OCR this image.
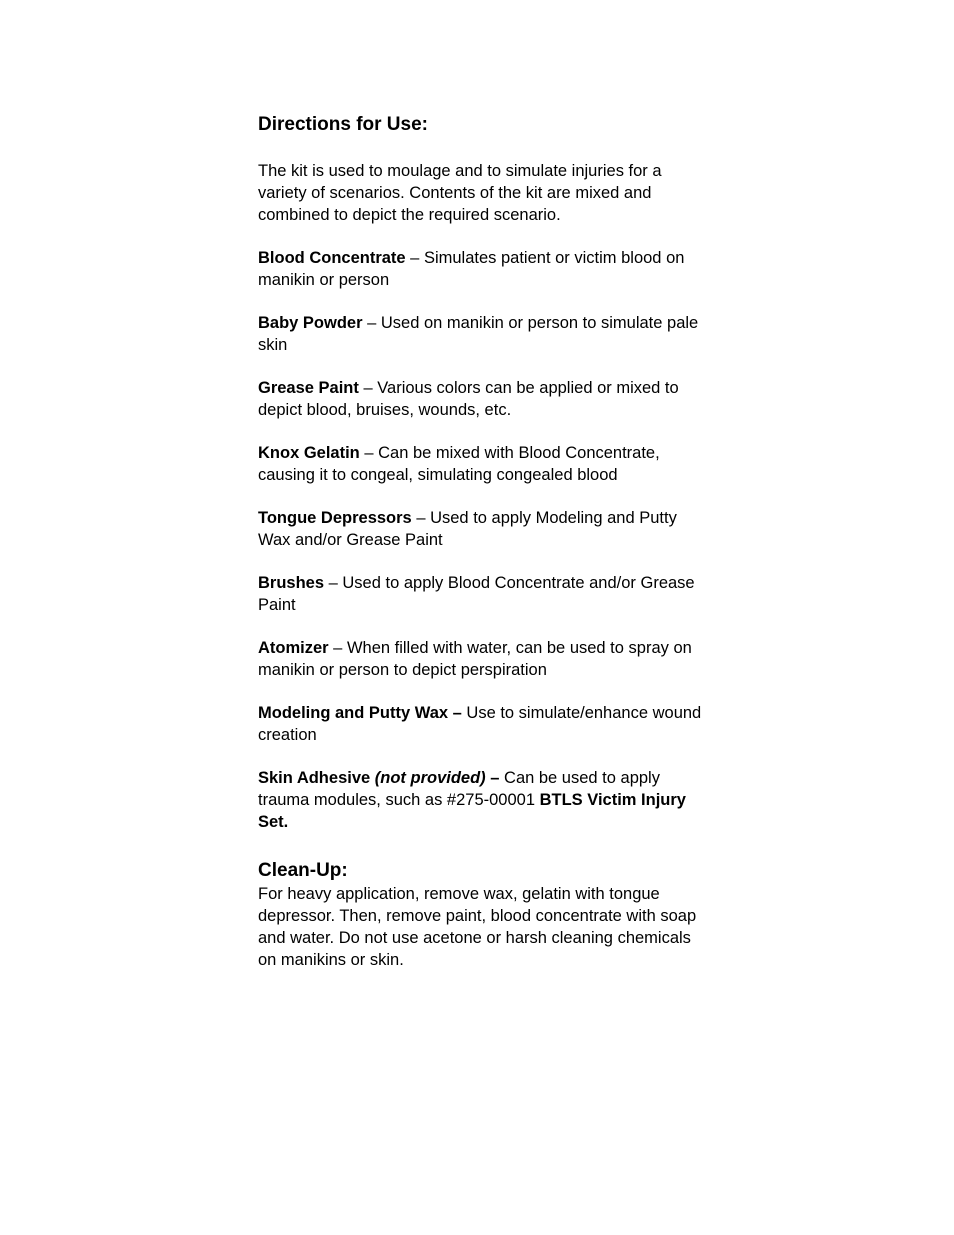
Directions for Use:

The kit is used to moulage and to simulate injuries for a variety of scenarios. Contents of the kit are mixed and combined to depict the required scenario.

Blood Concentrate – Simulates patient or victim blood on manikin or person

Baby Powder – Used on manikin or person to simulate pale skin

Grease Paint – Various colors can be applied or mixed to depict blood, bruises, wounds, etc.

Knox Gelatin – Can be mixed with Blood Concentrate, causing it to congeal, simulating congealed blood

Tongue Depressors – Used to apply Modeling and Putty Wax and/or Grease Paint

Brushes – Used to apply Blood Concentrate and/or Grease Paint

Atomizer – When filled with water, can be used to spray on manikin or person to depict perspiration

Modeling and Putty Wax – Use to simulate/enhance wound creation

Skin Adhesive (not provided) – Can be used to apply trauma modules, such as #275-00001 BTLS Victim Injury Set.

Clean-Up:

For heavy application, remove wax, gelatin with tongue depressor. Then, remove paint, blood concentrate with soap and water. Do not use acetone or harsh cleaning chemicals on manikins or skin.
